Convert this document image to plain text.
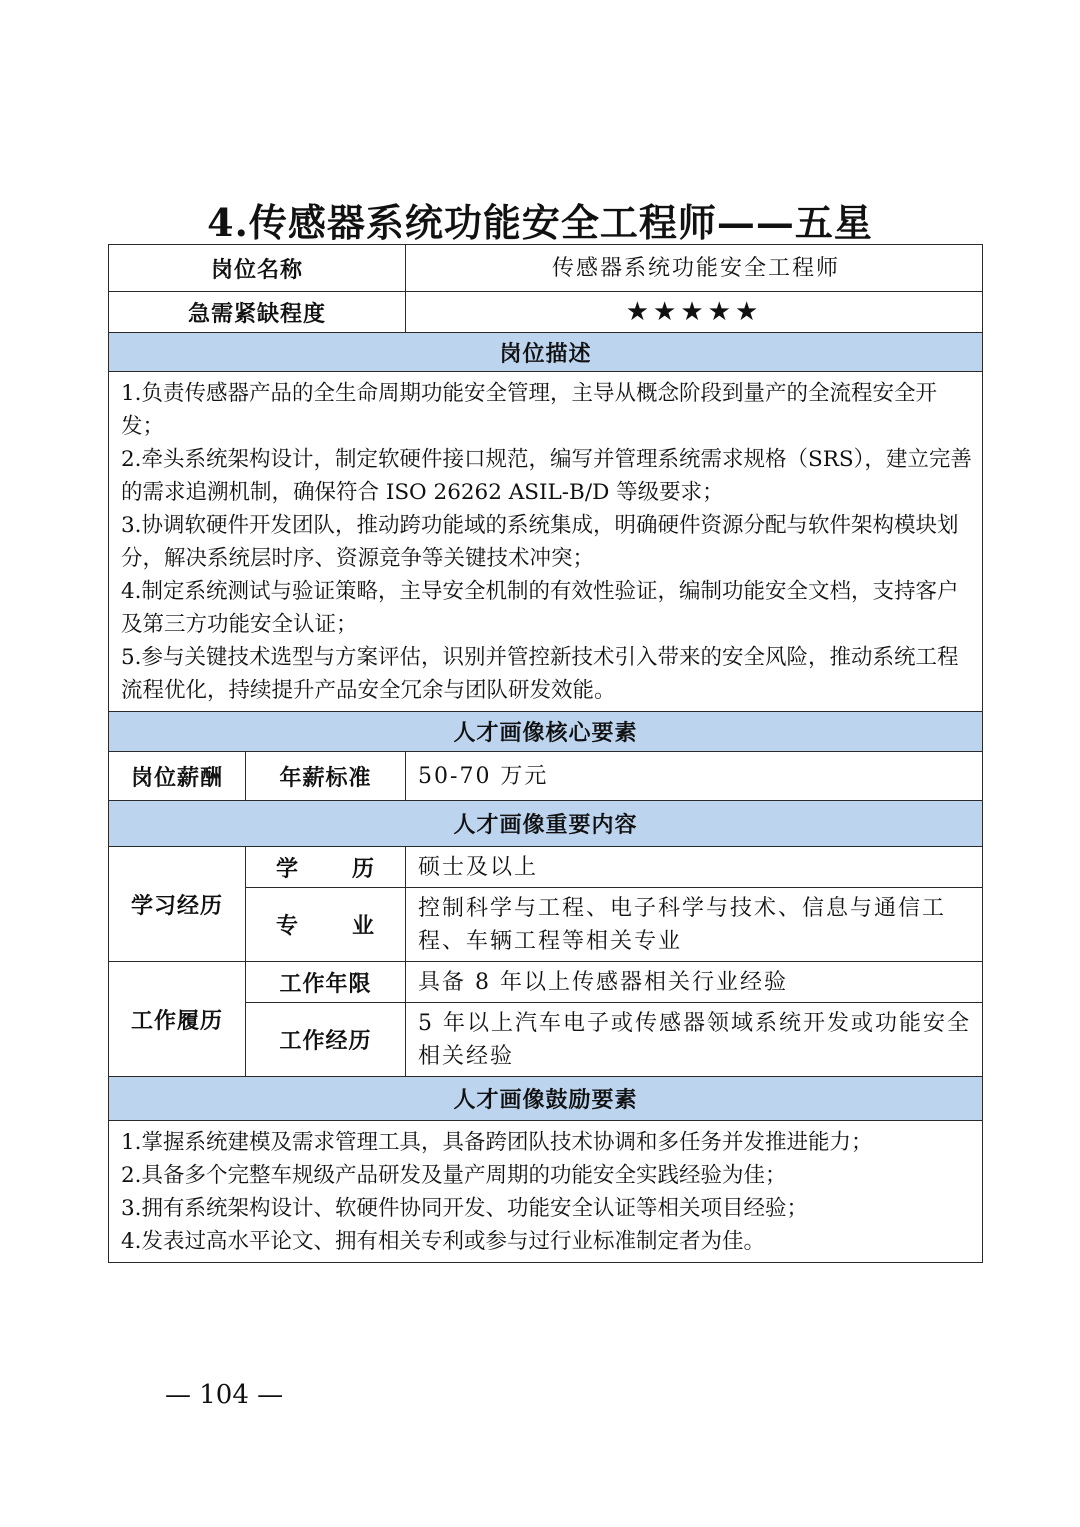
4.传感器系统功能安全工程师——五星
岗位名称		传感器系统功能安全工程师
急需紧缺程度		★★★★★
岗位描述		

1.负责传感器产品的全生命周期功能安全管理，主导从概念阶段到量产的全流程安全开发；
2.牵头系统架构设计，制定软硬件接口规范，编写并管理系统需求规格（SRS），建立完善的需求追溯机制，确保符合 ISO 26262 ASIL-B/D 等级要求；
3.协调软硬件开发团队，推动跨功能域的系统集成，明确硬件资源分配与软件架构模块划分，解决系统层时序、资源竞争等关键技术冲突；
4.制定系统测试与验证策略，主导安全机制的有效性验证，编制功能安全文档，支持客户及第三方功能安全认证；
5.参与关键技术选型与方案评估，识别并管控新技术引入带来的安全风险，推动系统工程流程优化，持续提升产品安全冗余与团队研发效能。		

人才画像核心要素		
岗位薪酬	年薪标准	50-70 万元
人才画像重要内容		
学习经历	学 历	硕士及以上

	专 业	控制科学与工程、电子科学与技术、信息与通信工程、车辆工程等相关专业
工作履历	工作年限	具备 8 年以上传感器相关行业经验
	工作经历	5 年以上汽车电子或传感器领域系统开发或功能安全相关经验
人才画像鼓励要素		

1.掌握系统建模及需求管理工具，具备跨团队技术协调和多任务并发推进能力；
2.具备多个完整车规级产品研发及量产周期的功能安全实践经验为佳；
3.拥有系统架构设计、软硬件协同开发、功能安全认证等相关项目经验；
4.发表过高水平论文、拥有相关专利或参与过行业标准制定者为佳。		
— 104 —
